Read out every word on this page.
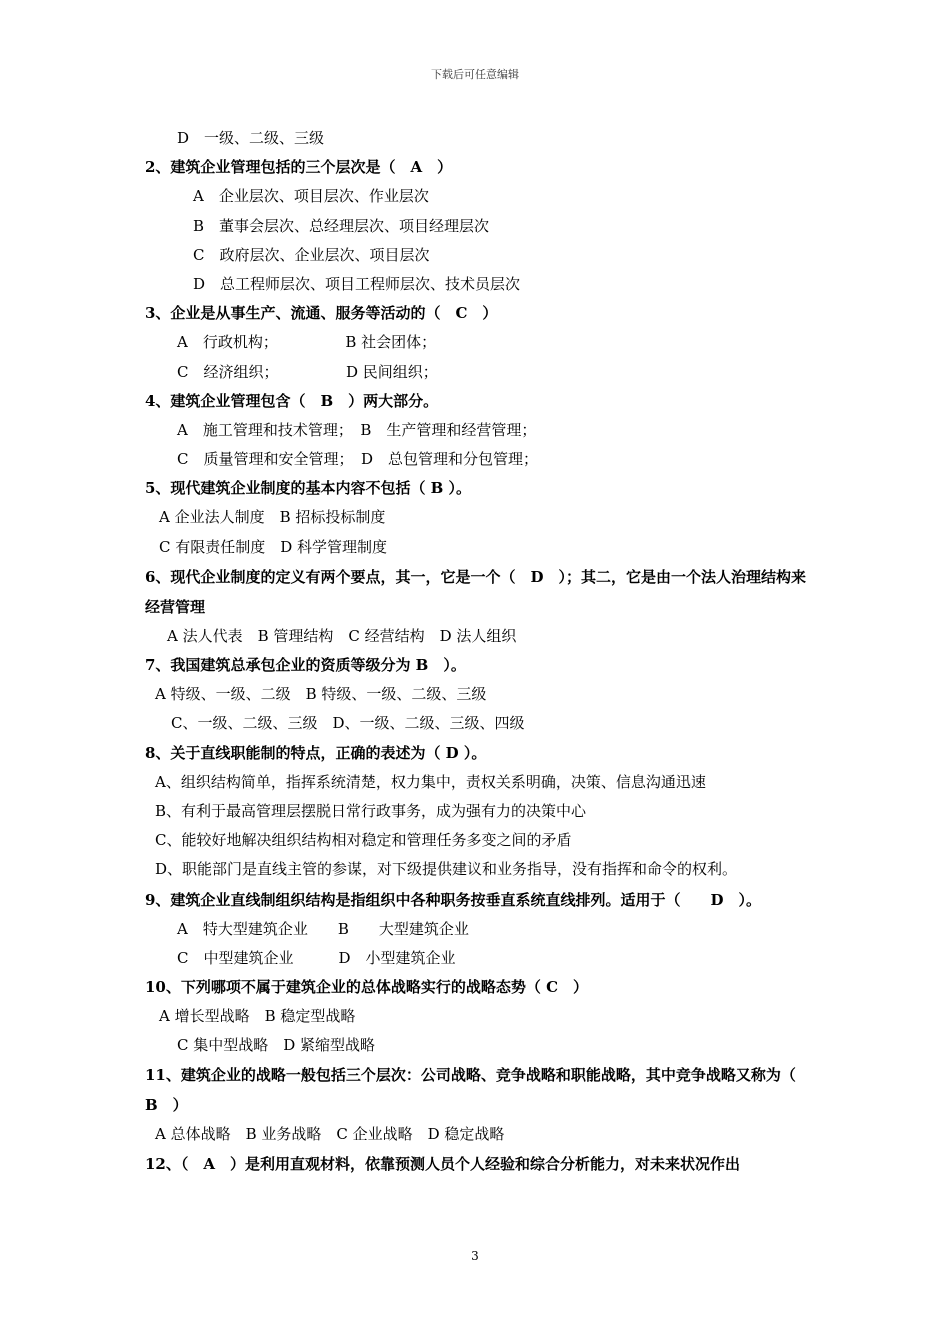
下载后可任意编辑
D　一级、二级、三级
2、建筑企业管理包括的三个层次是（　A　）
A　企业层次、项目层次、作业层次
B　董事会层次、总经理层次、项目经理层次
C　政府层次、企业层次、项目层次
D　总工程师层次、项目工程师层次、技术员层次
3、企业是从事生产、流通、服务等活动的（　C　）
A　行政机构；　　　　　B 社会团体；
C　经济组织；　　　　　D 民间组织；
4、建筑企业管理包含（　B　）两大部分。
A　施工管理和技术管理；　B　生产管理和经营管理；
C　质量管理和安全管理；　D　总包管理和分包管理；
5、现代建筑企业制度的基本内容不包括（ B ）。
A 企业法人制度　B 招标投标制度
C 有限责任制度　D 科学管理制度
6、现代企业制度的定义有两个要点，其一，它是一个（　D　）；其二，它是由一个法人治理结构来经营管理
A 法人代表　B 管理结构　C 经营结构　D 法人组织
7、我国建筑总承包企业的资质等级分为 B　）。
A 特级、一级、二级　B 特级、一级、二级、三级
C、一级、二级、三级　D、一级、二级、三级、四级
8、关于直线职能制的特点，正确的表述为（ D ）。
A、组织结构简单，指挥系统清楚，权力集中，责权关系明确，决策、信息沟通迅速
B、有利于最高管理层摆脱日常行政事务，成为强有力的决策中心
C、能较好地解决组织结构相对稳定和管理任务多变之间的矛盾
D、职能部门是直线主管的参谋，对下级提供建议和业务指导，没有指挥和命令的权利。
9、建筑企业直线制组织结构是指组织中各种职务按垂直系统直线排列。适用于（　　D　）。
A　特大型建筑企业　　B　　大型建筑企业
C　中型建筑企业　　　D　小型建筑企业
10、下列哪项不属于建筑企业的总体战略实行的战略态势（ C　）
A 增长型战略　B 稳定型战略
C 集中型战略　D 紧缩型战略
11、建筑企业的战略一般包括三个层次：公司战略、竞争战略和职能战略，其中竞争战略又称为（　B　）
A 总体战略　B 业务战略　C 企业战略　D 稳定战略
12、（　A　）是利用直观材料，依靠预测人员个人经验和综合分析能力，对未来状况作出
3
